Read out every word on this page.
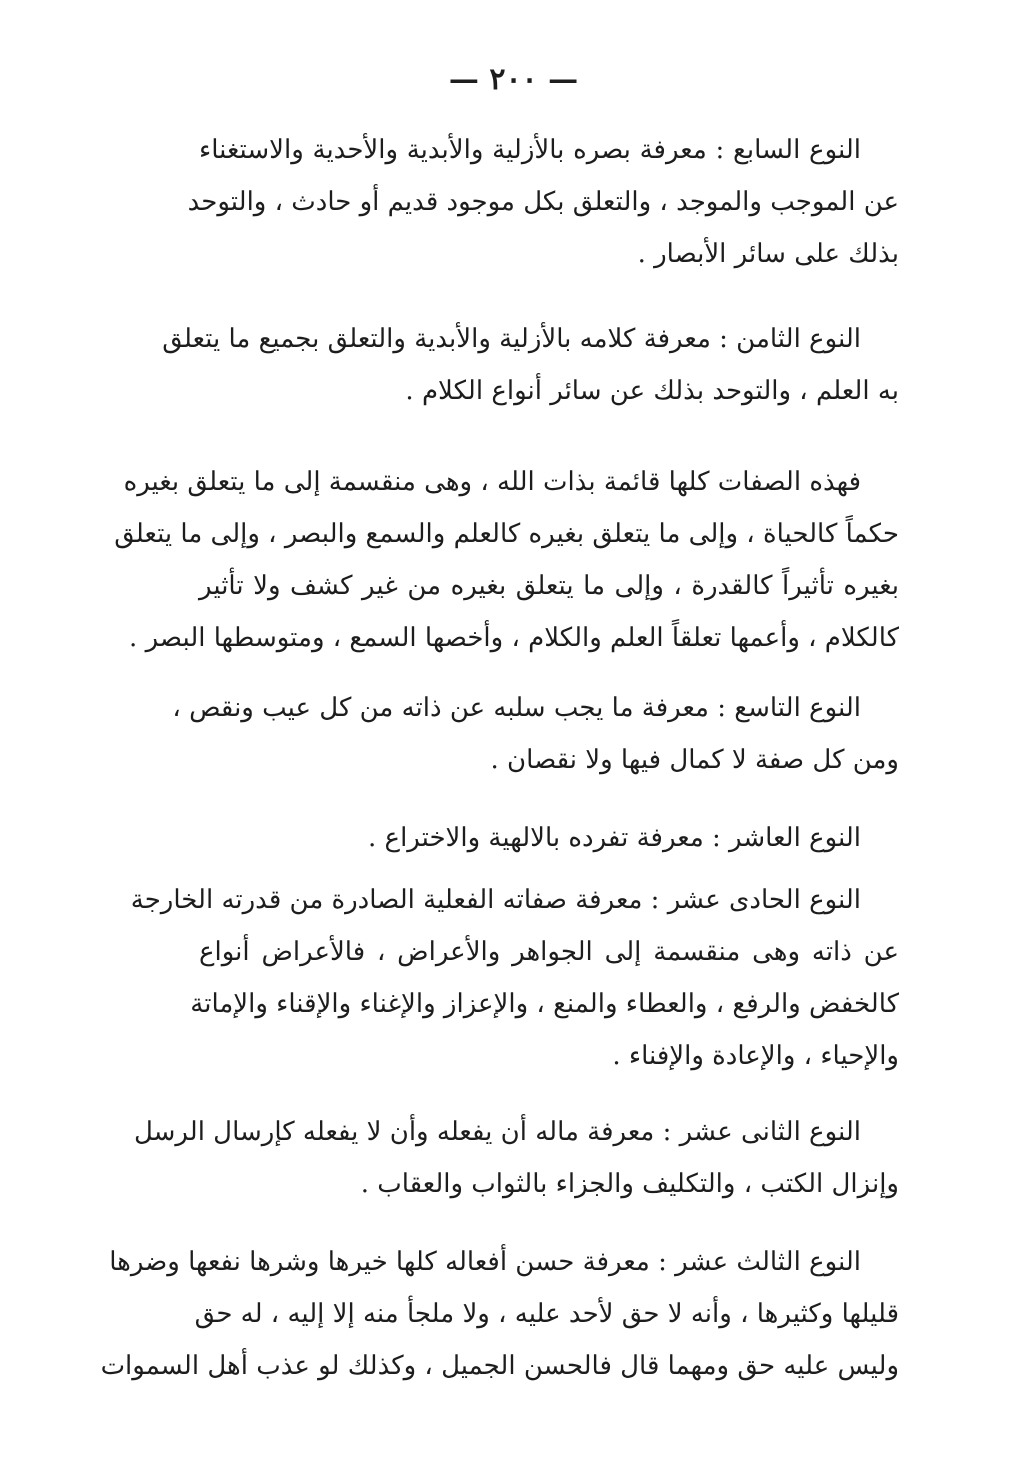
— ٢٠٠ —
النوع السابع : معرفة بصره بالأزلية والأبدية والأحدية والاستغناء
عن الموجب والموجد ، والتعلق بكل موجود قديم أو حادث ، والتوحد
بذلك على سائر الأبصار .
النوع الثامن : معرفة كلامه بالأزلية والأبدية والتعلق بجميع ما يتعلق
به العلم ، والتوحد بذلك عن سائر أنواع الكلام .
فهذه الصفات كلها قائمة بذات الله ، وهى منقسمة إلى ما يتعلق بغيره
حكماً كالحياة ، وإلى ما يتعلق بغيره كالعلم والسمع والبصر ، وإلى ما يتعلق
بغيره تأثيراً كالقدرة ، وإلى ما يتعلق بغيره من غير كشف ولا تأثير
كالكلام ، وأعمها تعلقاً العلم والكلام ، وأخصها السمع ، ومتوسطها البصر .
النوع التاسع : معرفة ما يجب سلبه عن ذاته من كل عيب ونقص ،
ومن كل صفة لا كمال فيها ولا نقصان .
النوع العاشر : معرفة تفرده بالالهية والاختراع .
النوع الحادى عشر : معرفة صفاته الفعلية الصادرة من قدرته الخارجة
عن ذاته وهى منقسمة إلى الجواهر والأعراض ، فالأعراض أنواع
كالخفض والرفع ، والعطاء والمنع ، والإعزاز والإغناء والإقناء والإماتة
والإحياء ، والإعادة والإفناء .
النوع الثانى عشر : معرفة ماله أن يفعله وأن لا يفعله كإرسال الرسل
وإنزال الكتب ، والتكليف والجزاء بالثواب والعقاب .
النوع الثالث عشر : معرفة حسن أفعاله كلها خيرها وشرها نفعها وضرها
قليلها وكثيرها ، وأنه لا حق لأحد عليه ، ولا ملجأ منه إلا إليه ، له حق
وليس عليه حق ومهما قال فالحسن الجميل ، وكذلك لو عذب أهل السموات
